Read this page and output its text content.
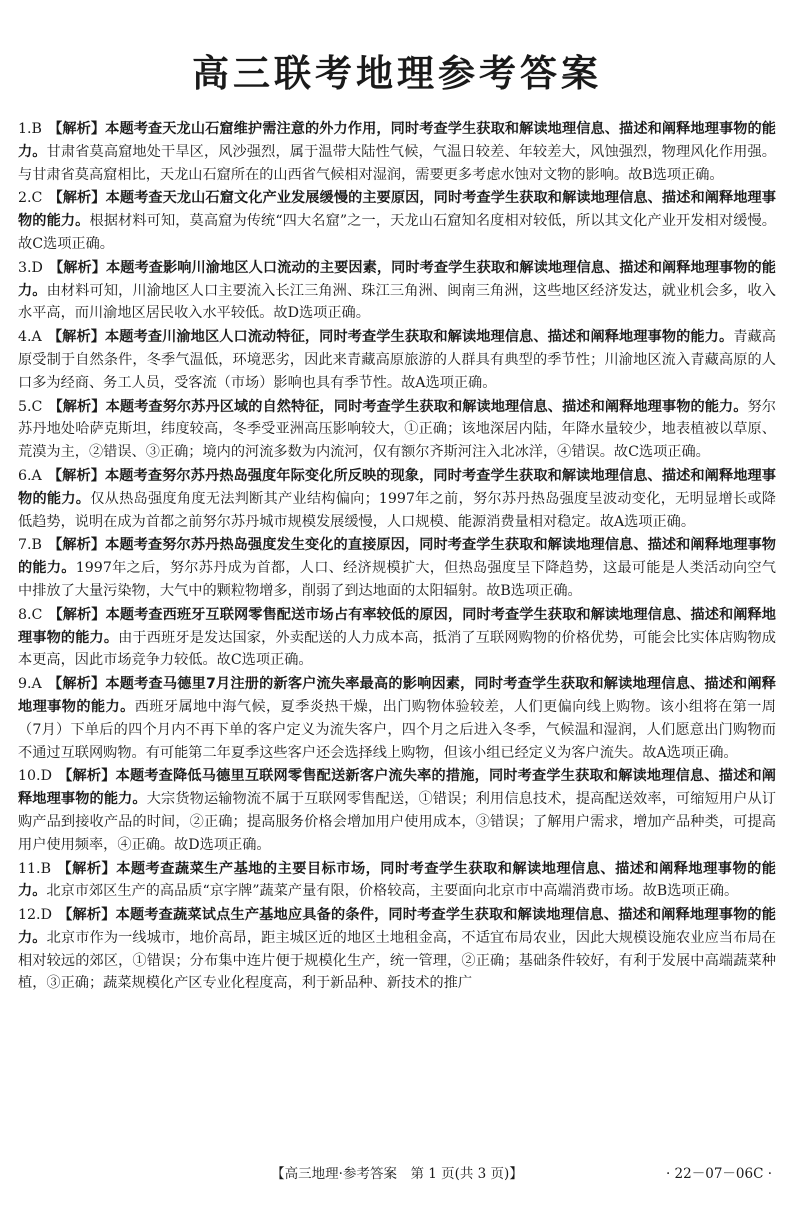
高三联考地理参考答案

1.B 【解析】本题考查天龙山石窟维护需注意的外力作用，同时考查学生获取和解读地理信息、描述和阐释地理事物的能力。甘肃省莫高窟地处干旱区，风沙强烈，属于温带大陆性气候，气温日较差、年较差大，风蚀强烈，物理风化作用强。与甘肃省莫高窟相比，天龙山石窟所在的山西省气候相对湿润，需要更多考虑水蚀对文物的影响。故B选项正确。

2.C 【解析】本题考查天龙山石窟文化产业发展缓慢的主要原因，同时考查学生获取和解读地理信息、描述和阐释地理事物的能力。根据材料可知，莫高窟为传统“四大名窟”之一，天龙山石窟知名度相对较低，所以其文化产业开发相对缓慢。故C选项正确。

3.D 【解析】本题考查影响川渝地区人口流动的主要因素，同时考查学生获取和解读地理信息、描述和阐释地理事物的能力。由材料可知，川渝地区人口主要流入长江三角洲、珠江三角洲、闽南三角洲，这些地区经济发达，就业机会多，收入水平高，而川渝地区居民收入水平较低。故D选项正确。

4.A 【解析】本题考查川渝地区人口流动特征，同时考查学生获取和解读地理信息、描述和阐释地理事物的能力。青藏高原受制于自然条件，冬季气温低，环境恶劣，因此来青藏高原旅游的人群具有典型的季节性；川渝地区流入青藏高原的人口多为经商、务工人员，受客流（市场）影响也具有季节性。故A选项正确。

5.C 【解析】本题考查努尔苏丹区域的自然特征，同时考查学生获取和解读地理信息、描述和阐释地理事物的能力。努尔苏丹地处哈萨克斯坦，纬度较高，冬季受亚洲高压影响较大，①正确；该地深居内陆，年降水量较少，地表植被以草原、荒漠为主，②错误、③正确；境内的河流多数为内流河，仅有额尔齐斯河注入北冰洋，④错误。故C选项正确。

6.A 【解析】本题考查努尔苏丹热岛强度年际变化所反映的现象，同时考查学生获取和解读地理信息、描述和阐释地理事物的能力。仅从热岛强度角度无法判断其产业结构偏向；1997年之前，努尔苏丹热岛强度呈波动变化，无明显增长或降低趋势，说明在成为首都之前努尔苏丹城市规模发展缓慢，人口规模、能源消费量相对稳定。故A选项正确。

7.B 【解析】本题考查努尔苏丹热岛强度发生变化的直接原因，同时考查学生获取和解读地理信息、描述和阐释地理事物的能力。1997年之后，努尔苏丹成为首都，人口、经济规模扩大，但热岛强度呈下降趋势，这最可能是人类活动向空气中排放了大量污染物，大气中的颗粒物增多，削弱了到达地面的太阳辐射。故B选项正确。

8.C 【解析】本题考查西班牙互联网零售配送市场占有率较低的原因，同时考查学生获取和解读地理信息、描述和阐释地理事物的能力。由于西班牙是发达国家，外卖配送的人力成本高，抵消了互联网购物的价格优势，可能会比实体店购物成本更高，因此市场竞争力较低。故C选项正确。

9.A 【解析】本题考查马德里7月注册的新客户流失率最高的影响因素，同时考查学生获取和解读地理信息、描述和阐释地理事物的能力。西班牙属地中海气候，夏季炎热干燥，出门购物体验较差，人们更偏向线上购物。该小组将在第一周（7月）下单后的四个月内不再下单的客户定义为流失客户，四个月之后进入冬季，气候温和湿润，人们愿意出门购物而不通过互联网购物。有可能第二年夏季这些客户还会选择线上购物，但该小组已经定义为客户流失。故A选项正确。

10.D 【解析】本题考查降低马德里互联网零售配送新客户流失率的措施，同时考查学生获取和解读地理信息、描述和阐释地理事物的能力。大宗货物运输物流不属于互联网零售配送，①错误；利用信息技术，提高配送效率，可缩短用户从订购产品到接收产品的时间，②正确；提高服务价格会增加用户使用成本，③错误；了解用户需求，增加产品种类，可提高用户使用频率，④正确。故D选项正确。

11.B 【解析】本题考查蔬菜生产基地的主要目标市场，同时考查学生获取和解读地理信息、描述和阐释地理事物的能力。北京市郊区生产的高品质“京字牌”蔬菜产量有限，价格较高，主要面向北京市中高端消费市场。故B选项正确。

12.D 【解析】本题考查蔬菜试点生产基地应具备的条件，同时考查学生获取和解读地理信息、描述和阐释地理事物的能力。北京市作为一线城市，地价高昂，距主城区近的地区土地租金高，不适宜布局农业，因此大规模设施农业应当布局在相对较远的郊区，①错误；分布集中连片便于规模化生产，统一管理，②正确；基础条件较好，有利于发展中高端蔬菜种植，③正确；蔬菜规模化产区专业化程度高，利于新品种、新技术的推广

【高三地理·参考答案　第 1 页(共 3 页)】	· 22－07－06C ·
